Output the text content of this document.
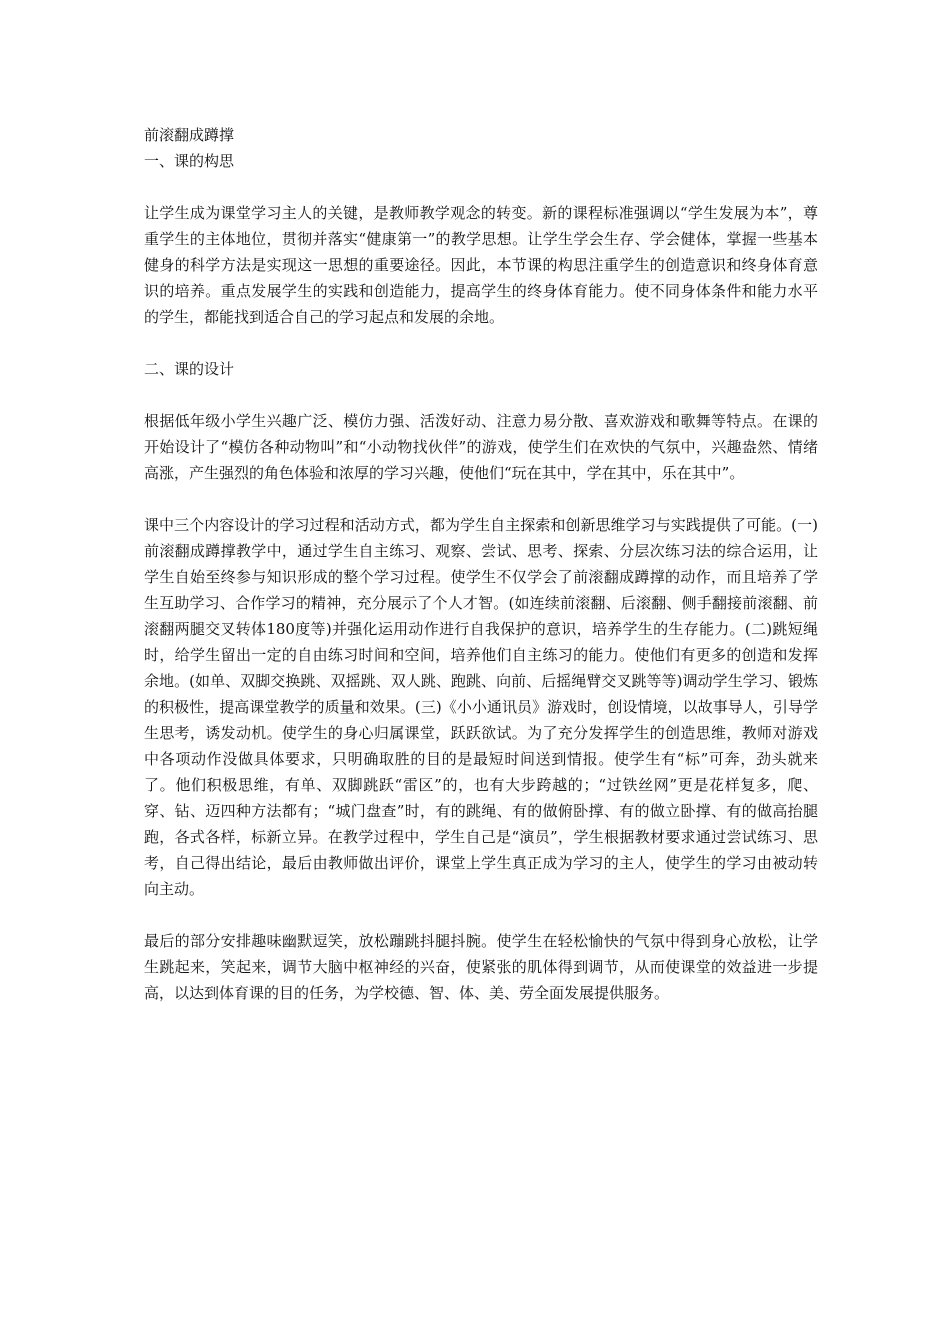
前滚翻成蹲撑
一、课的构思

让学生成为课堂学习主人的关键，是教师教学观念的转变。新的课程标准强调以“学生发展为本”，尊重学生的主体地位，贯彻并落实“健康第一”的教学思想。让学生学会生存、学会健体，掌握一些基本健身的科学方法是实现这一思想的重要途径。因此，本节课的构思注重学生的创造意识和终身体育意识的培养。重点发展学生的实践和创造能力，提高学生的终身体育能力。使不同身体条件和能力水平的学生，都能找到适合自己的学习起点和发展的余地。

二、课的设计

根据低年级小学生兴趣广泛、模仿力强、活泼好动、注意力易分散、喜欢游戏和歌舞等特点。在课的开始设计了“模仿各种动物叫”和“小动物找伙伴”的游戏，使学生们在欢快的气氛中，兴趣盎然、情绪高涨，产生强烈的角色体验和浓厚的学习兴趣，使他们“玩在其中，学在其中，乐在其中”。

课中三个内容设计的学习过程和活动方式，都为学生自主探索和创新思维学习与实践提供了可能。(一)前滚翻成蹲撑教学中，通过学生自主练习、观察、尝试、思考、探索、分层次练习法的综合运用，让学生自始至终参与知识形成的整个学习过程。使学生不仅学会了前滚翻成蹲撑的动作，而且培养了学生互助学习、合作学习的精神，充分展示了个人才智。(如连续前滚翻、后滚翻、侧手翻接前滚翻、前滚翻两腿交叉转体180度等)并强化运用动作进行自我保护的意识，培养学生的生存能力。(二)跳短绳时，给学生留出一定的自由练习时间和空间，培养他们自主练习的能力。使他们有更多的创造和发挥余地。(如单、双脚交换跳、双摇跳、双人跳、跑跳、向前、后摇绳臂交叉跳等等)调动学生学习、锻炼的积极性，提高课堂教学的质量和效果。(三)《小小通讯员》游戏时，创设情境，以故事导人，引导学生思考，诱发动机。使学生的身心归属课堂，跃跃欲试。为了充分发挥学生的创造思维，教师对游戏中各项动作没做具体要求，只明确取胜的目的是最短时间送到情报。使学生有“标”可奔，劲头就来了。他们积极思维，有单、双脚跳跃“雷区”的，也有大步跨越的；“过铁丝网”更是花样复多，爬、穿、钻、迈四种方法都有；“城门盘查”时，有的跳绳、有的做俯卧撑、有的做立卧撑、有的做高抬腿跑，各式各样，标新立异。在教学过程中，学生自己是“演员”，学生根据教材要求通过尝试练习、思考，自己得出结论，最后由教师做出评价，课堂上学生真正成为学习的主人，使学生的学习由被动转向主动。

最后的部分安排趣味幽默逗笑，放松蹦跳抖腿抖腕。使学生在轻松愉快的气氛中得到身心放松，让学生跳起来，笑起来，调节大脑中枢神经的兴奋，使紧张的肌体得到调节，从而使课堂的效益进一步提高，以达到体育课的目的任务，为学校德、智、体、美、劳全面发展提供服务。
